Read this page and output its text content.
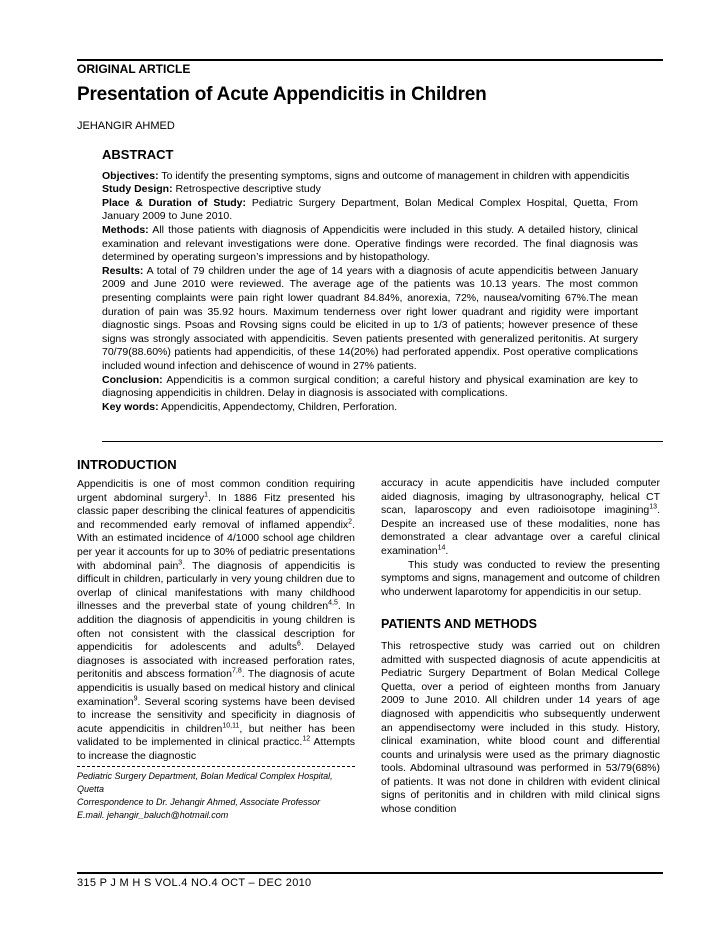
ORIGINAL ARTICLE
Presentation of Acute Appendicitis in Children
JEHANGIR AHMED
ABSTRACT

Objectives: To identify the presenting symptoms, signs and outcome of management in children with appendicitis

Study Design: Retrospective descriptive study

Place & Duration of Study: Pediatric Surgery Department, Bolan Medical Complex Hospital, Quetta, From January 2009 to June 2010.

Methods: All those patients with diagnosis of Appendicitis were included in this study. A detailed history, clinical examination and relevant investigations were done. Operative findings were recorded. The final diagnosis was determined by operating surgeon’s impressions and by histopathology.

Results: A total of 79 children under the age of 14 years with a diagnosis of acute appendicitis between January 2009 and June 2010 were reviewed. The average age of the patients was 10.13 years. The most common presenting complaints were pain right lower quadrant 84.84%, anorexia, 72%, nausea/vomiting 67%.The mean duration of pain was 35.92 hours. Maximum tenderness over right lower quadrant and rigidity were important diagnostic sings. Psoas and Rovsing signs could be elicited in up to 1/3 of patients; however presence of these signs was strongly associated with appendicitis. Seven patients presented with generalized peritonitis. At surgery 70/79(88.60%) patients had appendicitis, of these 14(20%) had perforated appendix. Post operative complications included wound infection and dehiscence of wound in 27% patients.

Conclusion: Appendicitis is a common surgical condition; a careful history and physical examination are key to diagnosing appendicitis in children. Delay in diagnosis is associated with complications.

Key words: Appendicitis, Appendectomy, Children, Perforation.

INTRODUCTION

Appendicitis is one of most common condition requiring urgent abdominal surgery$^1$. In 1886 Fitz presented his classic paper describing the clinical features of appendicitis and recommended early removal of inflamed appendix$^2$. With an estimated incidence of 4/1000 school age children per year it accounts for up to 30% of pediatric presentations with abdominal pain$^3$. The diagnosis of appendicitis is difficult in children, particularly in very young children due to overlap of clinical manifestations with many childhood illnesses and the preverbal state of young children$^{4,5}$. In addition the diagnosis of appendicitis in young children is often not consistent with the classical description for appendicitis for adolescents and adults$^6$. Delayed diagnoses is associated with increased perforation rates, peritonitis and abscess formation$^{7,8}$. The diagnosis of acute appendicitis is usually based on medical history and clinical examination$^9$. Several scoring systems have been devised to increase the sensitivity and specificity in diagnosis of acute appendicitis in children$^{10,11}$, but neither has been validated to be implemented in clinical practicc.$^{12}$ Attempts to increase the diagnostic

Pediatric Surgery Department, Bolan Medical Complex Hospital, Quetta
Correspondence to Dr. Jehangir Ahmed, Associate Professor
E.mail. jehangir_baluch@hotmail.com

accuracy in acute appendicitis have included computer aided diagnosis, imaging by ultrasonography, helical CT scan, laparoscopy and even radioisotope imagining$^{13}$. Despite an increased use of these modalities, none has demonstrated a clear advantage over a careful clinical examination$^{14}$.

This study was conducted to review the presenting symptoms and signs, management and outcome of children who underwent laparotomy for appendicitis in our setup.

PATIENTS AND METHODS

This retrospective study was carried out on children admitted with suspected diagnosis of acute appendicitis at Pediatric Surgery Department of Bolan Medical College Quetta, over a period of eighteen months from January 2009 to June 2010. All children under 14 years of age diagnosed with appendicitis who subsequently underwent an appendisectomy were included in this study. History, clinical examination, white blood count and differential counts and urinalysis were used as the primary diagnostic tools. Abdominal ultrasound was performed in 53/79(68%) of patients. It was not done in children with evident clinical signs of peritonitis and in children with mild clinical signs whose condition

315 P J M H S VOL.4 NO.4 OCT – DEC 2010
